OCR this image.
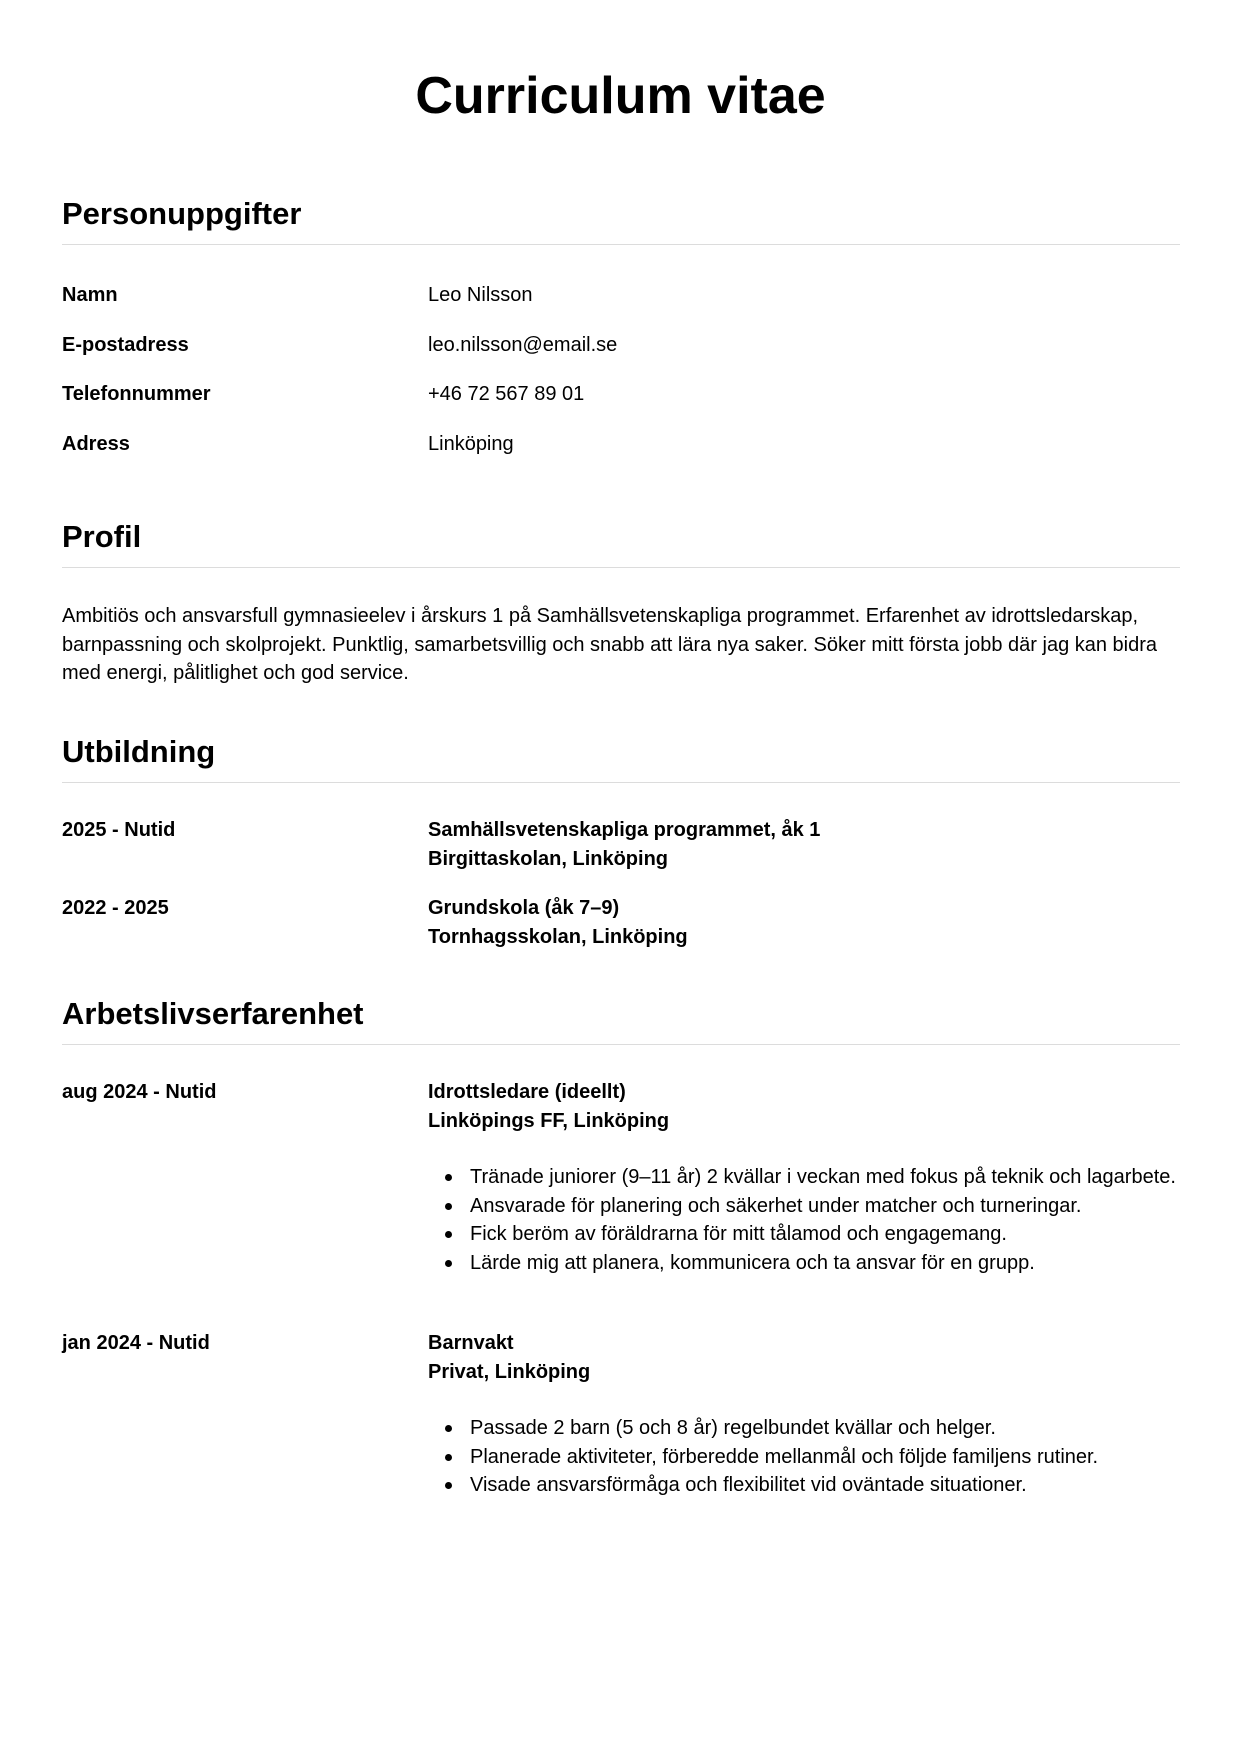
Curriculum vitae
Personuppgifter
Namn	Leo Nilsson
E-postadress	leo.nilsson@email.se
Telefonnummer	+46 72 567 89 01
Adress	Linköping
Profil

Ambitiös och ansvarsfull gymnasieelev i årskurs 1 på Samhällsvetenskapliga programmet. Erfarenhet av idrottsledarskap, barnpassning och skolprojekt. Punktlig, samarbetsvillig och snabb att lära nya saker. Söker mitt första jobb där jag kan bidra med energi, pålitlighet och god service.

Utbildning
2025 - Nutid	Samhällsvetenskapliga programmet, åk 1
Birgittaskolan, Linköping
2022 - 2025	Grundskola (åk 7–9)
Tornhagsskolan, Linköping
Arbetslivserfarenhet
aug 2024 - Nutid	Idrottsledare (ideellt)
Linköpings FF, Linköping
Tränade juniorer (9–11 år) 2 kvällar i veckan med fokus på teknik och lagarbete.
Ansvarade för planering och säkerhet under matcher och turneringar.
Fick beröm av föräldrarna för mitt tålamod och engagemang.
Lärde mig att planera, kommunicera och ta ansvar för en grupp.
jan 2024 - Nutid	Barnvakt
Privat, Linköping
Passade 2 barn (5 och 8 år) regelbundet kvällar och helger.
Planerade aktiviteter, förberedde mellanmål och följde familjens rutiner.
Visade ansvarsförmåga och flexibilitet vid oväntade situationer.
